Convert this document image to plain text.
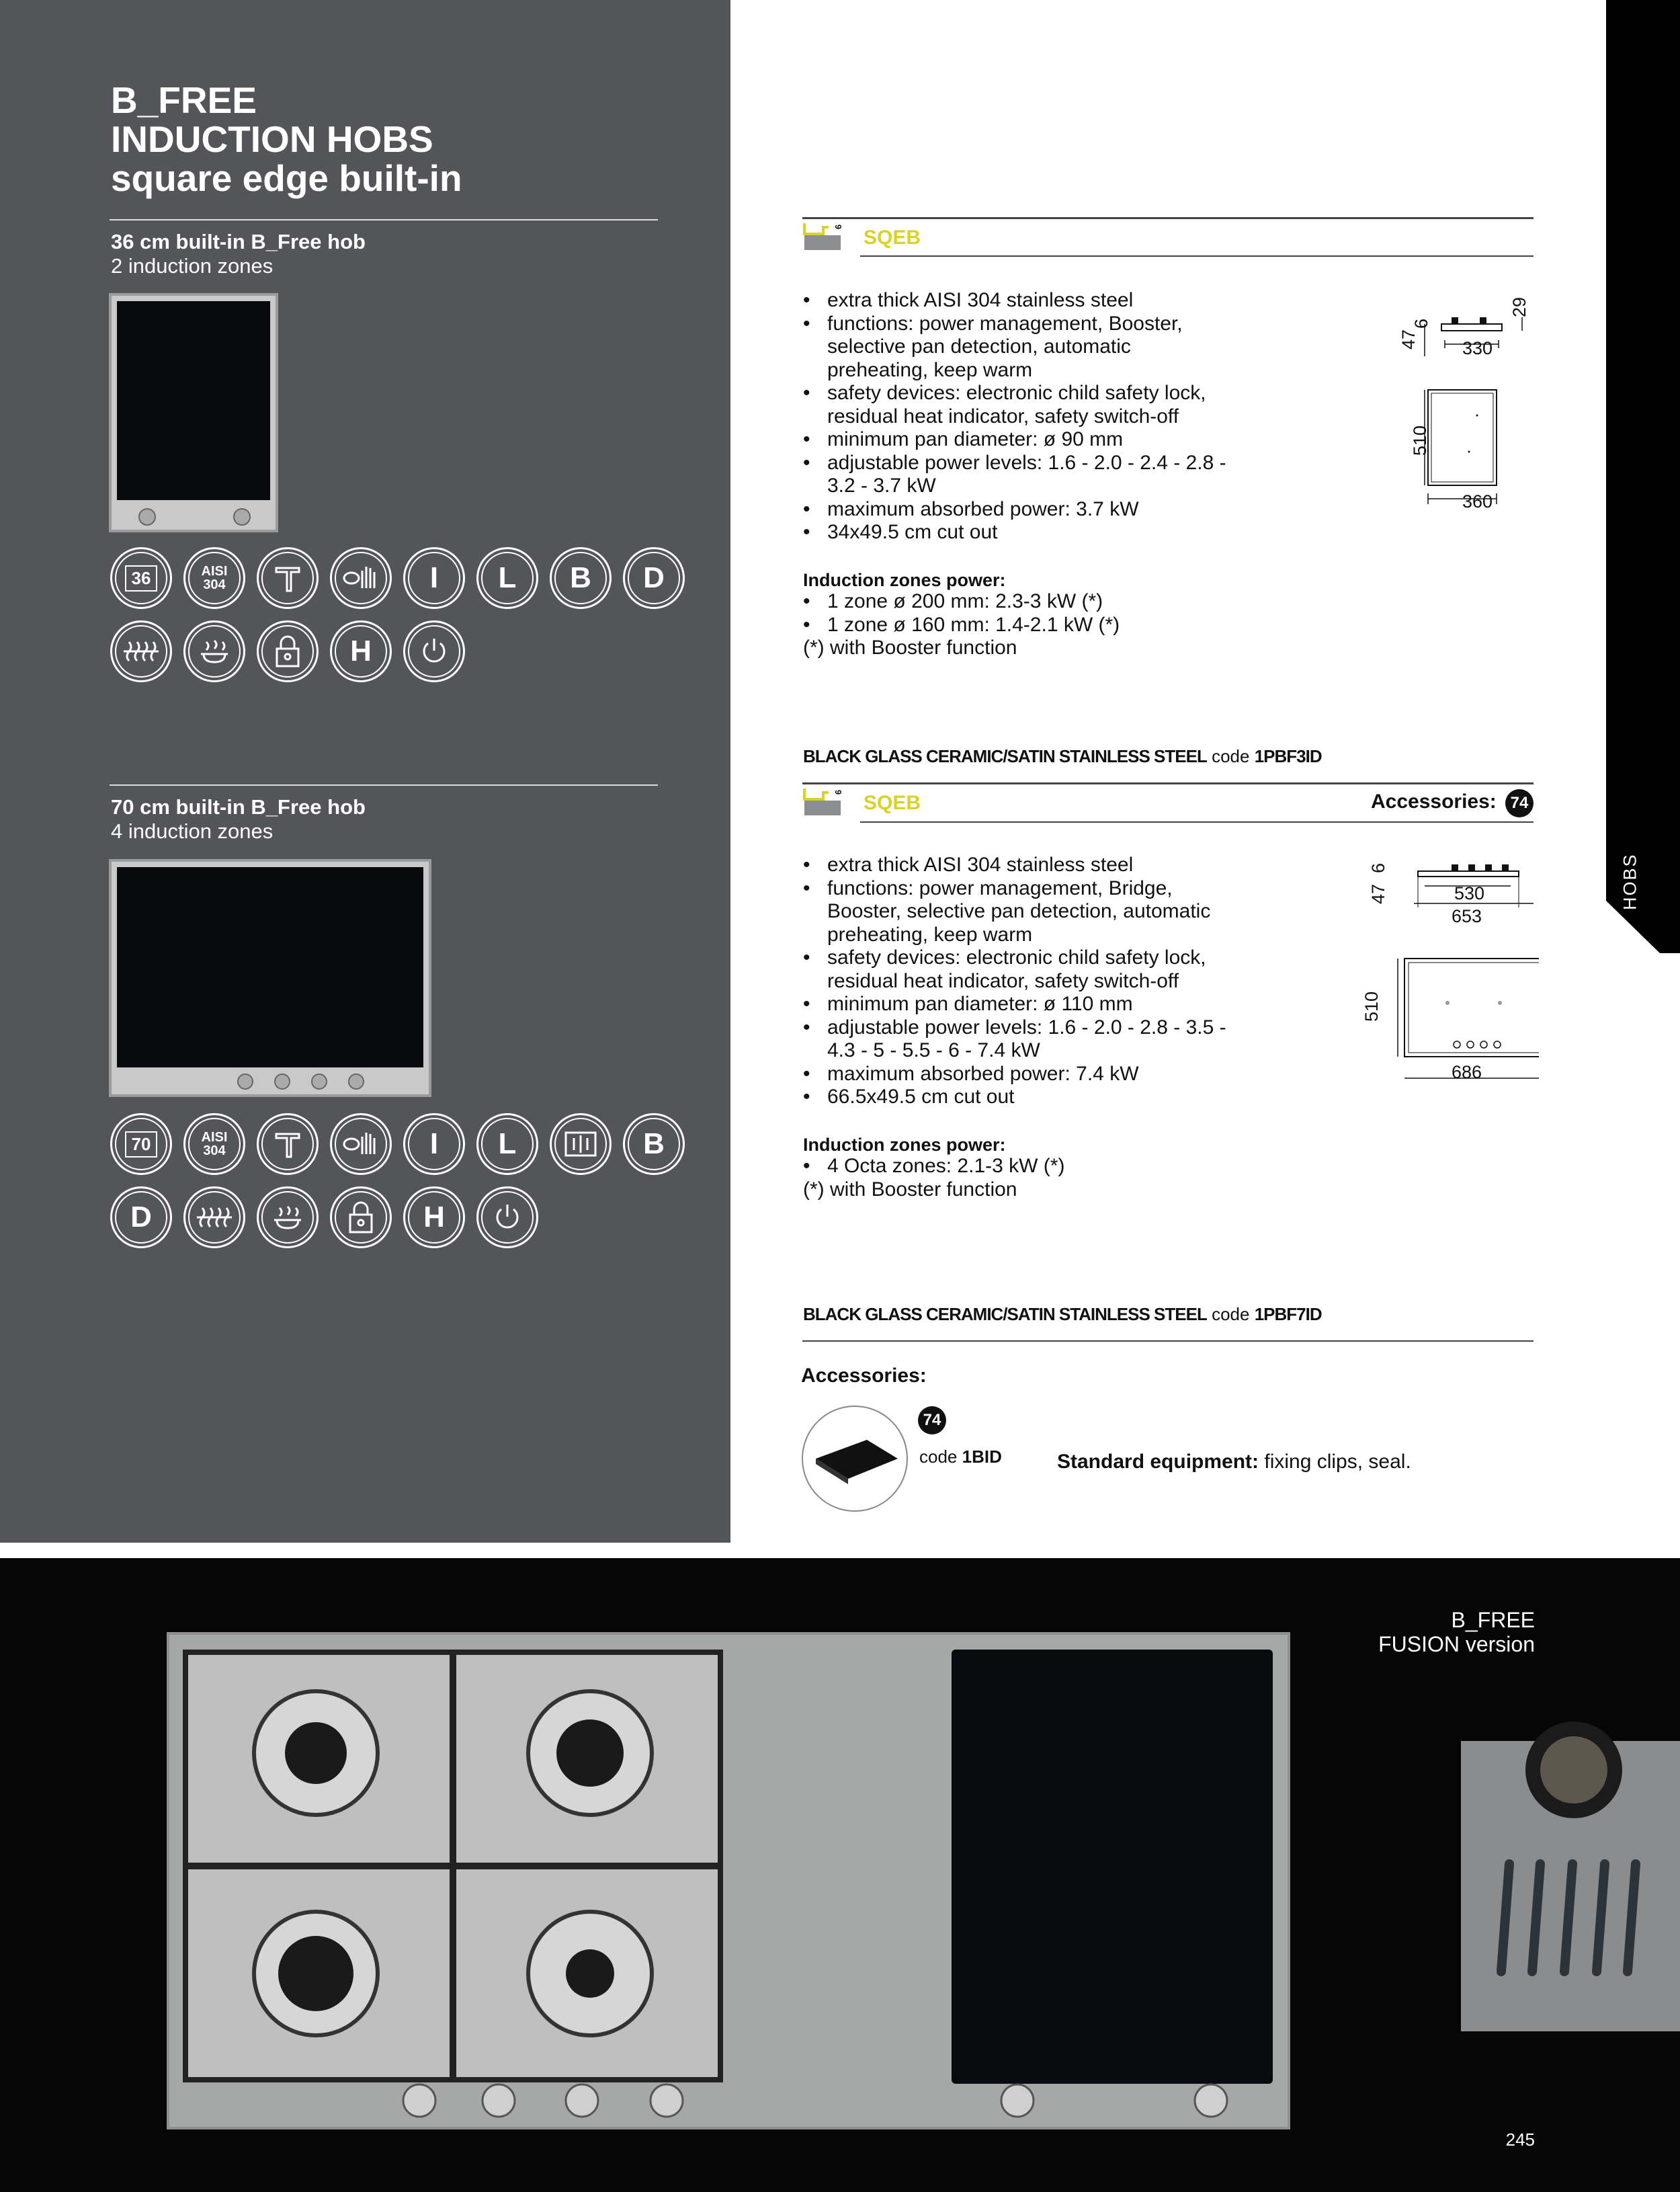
B_FREE
INDUCTION HOBS
square edge built-in
36 cm built-in B_Free hob
2 induction zones
36	AISI
304	I L B D
H
70 cm built-in B_Free hob
4 induction zones
70	AISI
304	I L	B
D	H
HOBS
6 SQEB
• extra thick AISI 304 stainless steel
• functions: power management, Booster, selective pan detection, automatic preheating, keep warm
• safety devices: electronic child safety lock, residual heat indicator, safety switch-off
• minimum pan diameter: ø 90 mm
• adjustable power levels: 1.6 - 2.0 - 2.4 - 2.8 - 3.2 - 3.7 kW
• maximum absorbed power: 3.7 kW
• 34x49.5 cm cut out
Induction zones power:
• 1 zone ø 200 mm: 2.3-3 kW (*)
• 1 zone ø 160 mm: 1.4-2.1 kW (*)
(*) with Booster function
47
6
29
330
510
360
BLACK GLASS CERAMIC/SATIN STAINLESS STEEL code 1PBF3ID
6 SQEB	Accessories: 74
• extra thick AISI 304 stainless steel
• functions: power management, Bridge, Booster, selective pan detection, automatic preheating, keep warm
• safety devices: electronic child safety lock, residual heat indicator, safety switch-off
• minimum pan diameter: ø 110 mm
• adjustable power levels: 1.6 - 2.0 - 2.8 - 3.5 - 4.3 - 5 - 5.5 - 6 - 7.4 kW
• maximum absorbed power: 7.4 kW
• 66.5x49.5 cm cut out
Induction zones power:
• 4 Octa zones: 2.1-3 kW (*)
(*) with Booster function
47
6
530
653
510
686
BLACK GLASS CERAMIC/SATIN STAINLESS STEEL code 1PBF7ID
Accessories:
74
code 1BID	Standard equipment: fixing clips, seal.
B_FREE
FUSION version
245
